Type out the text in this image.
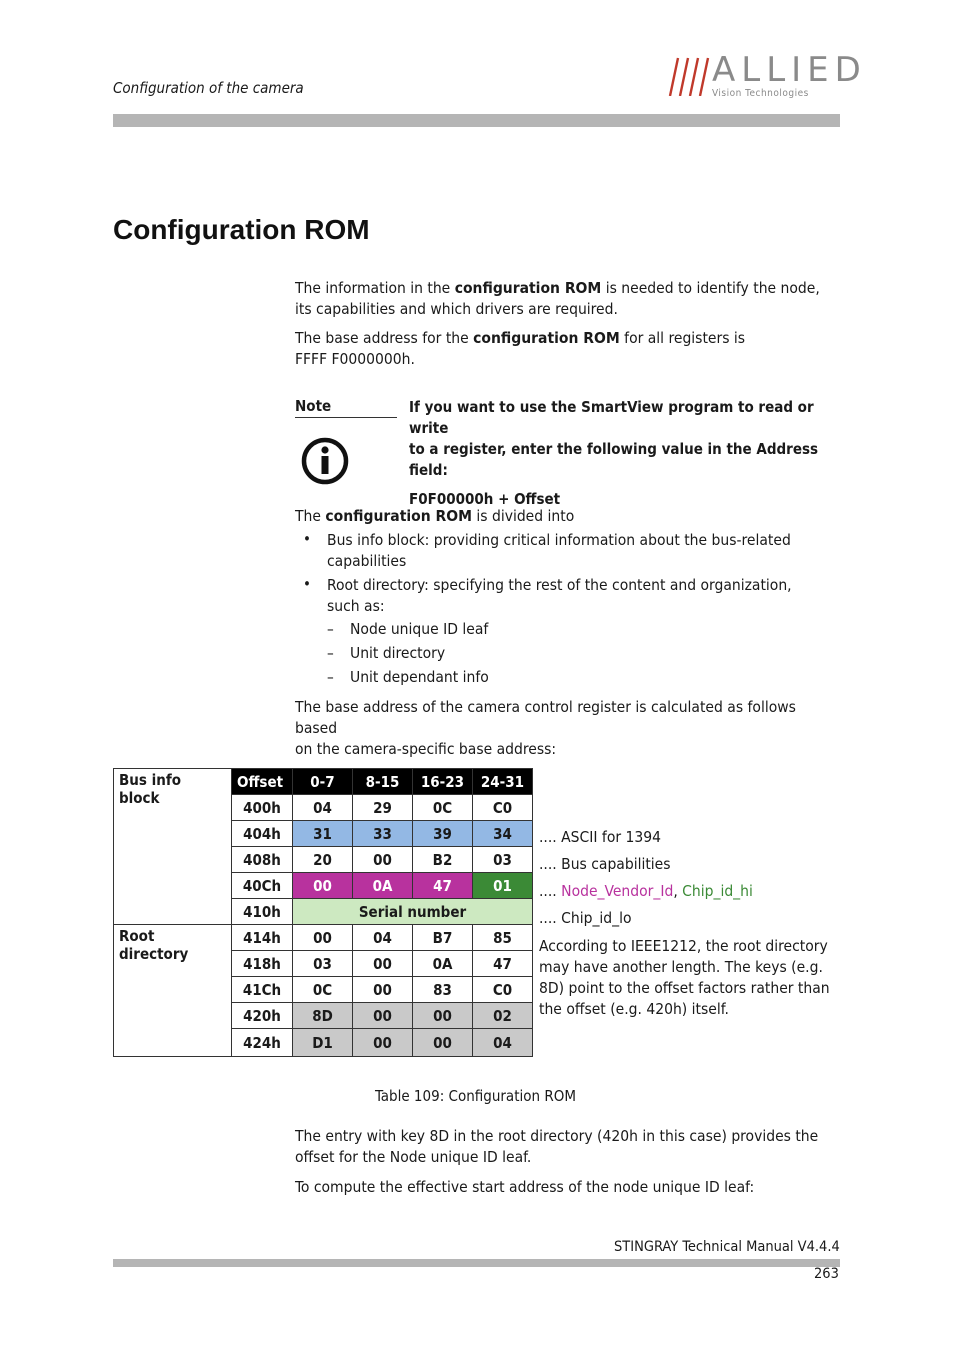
Configuration of the camera	ALLIED
Vision Technologies
Configuration ROM
The information in the configuration ROM is needed to identify the node,
its capabilities and which drivers are required.
The base address for the configuration ROM for all registers is
FFFF F0000000h.
Note	If you want to use the SmartView program to read or write
to a register, enter the following value in the Address
field:
F0F00000h + Offset
The configuration ROM is divided into
• Bus info block: providing critical information about the bus-related
capabilities
• Root directory: specifying the rest of the content and organization,
such as:
– Node unique ID leaf
– Unit directory
– Unit dependant info
The base address of the camera control register is calculated as follows based
on the camera-specific base address:
Bus info block	Offset	0-7	8-15	16-23	24-31
	400h	04	29	0C	C0
	404h	31	33	39	34
	408h	20	00	B2	03
	40Ch	00	0A	47	01
	410h	Serial number			
Root directory	414h	00	04	B7	85
	418h	03	00	0A	47
	41Ch	0C	00	83	C0
	420h	8D	00	00	02
	424h	D1	00	00	04
.... ASCII for 1394
.... Bus capabilities
.... Node_Vendor_Id, Chip_id_hi
.... Chip_id_lo
According to IEEE1212, the root directory
may have another length. The keys (e.g.
8D) point to the offset factors rather than
the offset (e.g. 420h) itself.
Table 109: Configuration ROM
The entry with key 8D in the root directory (420h in this case) provides the
offset for the Node unique ID leaf.
To compute the effective start address of the node unique ID leaf:
STINGRAY Technical Manual V4.4.4
263
